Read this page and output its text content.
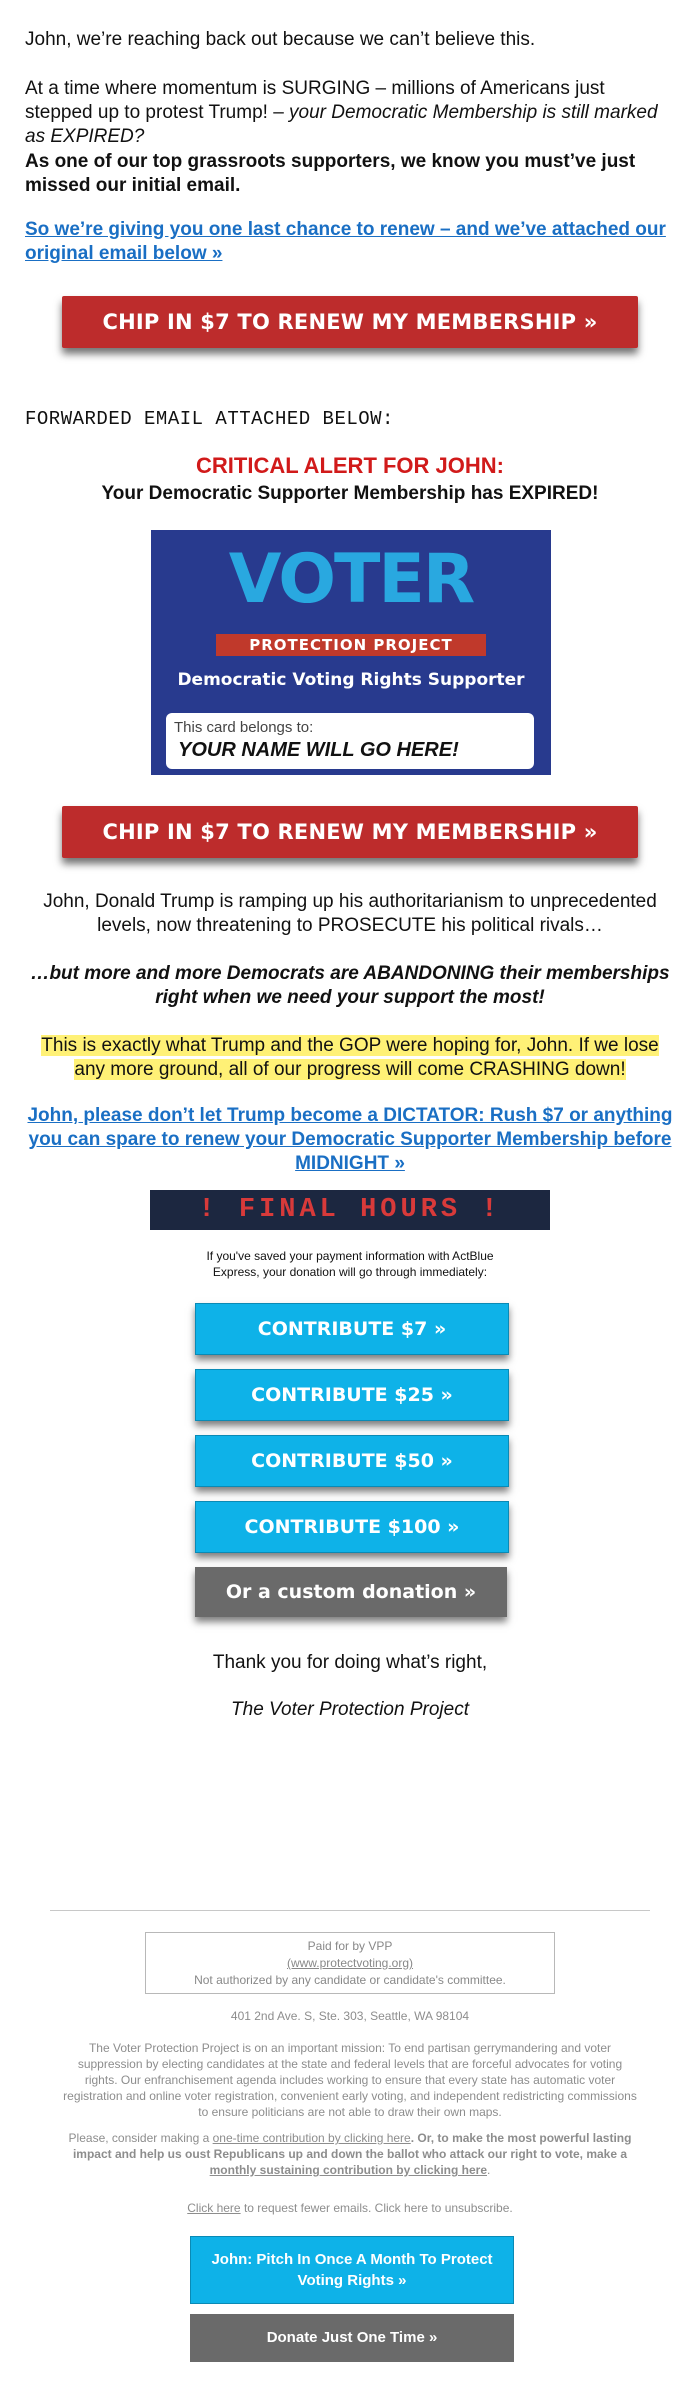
John, we’re reaching back out because we can’t believe this.

At a time where momentum is SURGING – millions of Americans just stepped up to protest Trump! – your Democratic Membership is still marked as EXPIRED?

As one of our top grassroots supporters, we know you must’ve just missed our initial email.

So we’re giving you one last chance to renew – and we’ve attached our original email below »

CHIP IN $7 TO RENEW MY MEMBERSHIP »
FORWARDED EMAIL ATTACHED BELOW:

CRITICAL ALERT FOR JOHN:

Your Democratic Supporter Membership has EXPIRED!

VOTER
PROTECTION PROJECT
Democratic Voting Rights Supporter
This card belongs to:
YOUR NAME WILL GO HERE!
CHIP IN $7 TO RENEW MY MEMBERSHIP »

John, Donald Trump is ramping up his authoritarianism to unprecedented levels, now threatening to PROSECUTE his political rivals…

…but more and more Democrats are ABANDONING their memberships right when we need your support the most!

This is exactly what Trump and the GOP were hoping for, John. If we lose any more ground, all of our progress will come CRASHING down!

John, please don’t let Trump become a DICTATOR: Rush $7 or anything you can spare to renew your Democratic Supporter Membership before MIDNIGHT »

! FINAL HOURS !

If you've saved your payment information with ActBlue Express, your donation will go through immediately:

CONTRIBUTE $7 »
CONTRIBUTE $25 »
CONTRIBUTE $50 »
CONTRIBUTE $100 »
Or a custom donation »

Thank you for doing what’s right,

The Voter Protection Project

Paid for by VPP
(www.protectvoting.org)
Not authorized by any candidate or candidate's committee.

401 2nd Ave. S, Ste. 303, Seattle, WA 98104

The Voter Protection Project is on an important mission: To end partisan gerrymandering and voter suppression by electing candidates at the state and federal levels that are forceful advocates for voting rights. Our enfranchisement agenda includes working to ensure that every state has automatic voter registration and online voter registration, convenient early voting, and independent redistricting commissions to ensure politicians are not able to draw their own maps.

Please, consider making a one-time contribution by clicking here. Or, to make the most powerful lasting impact and help us oust Republicans up and down the ballot who attack our right to vote, make a monthly sustaining contribution by clicking here.

Click here to request fewer emails. Click here to unsubscribe.

John: Pitch In Once A Month To Protect Voting Rights »
Donate Just One Time »
